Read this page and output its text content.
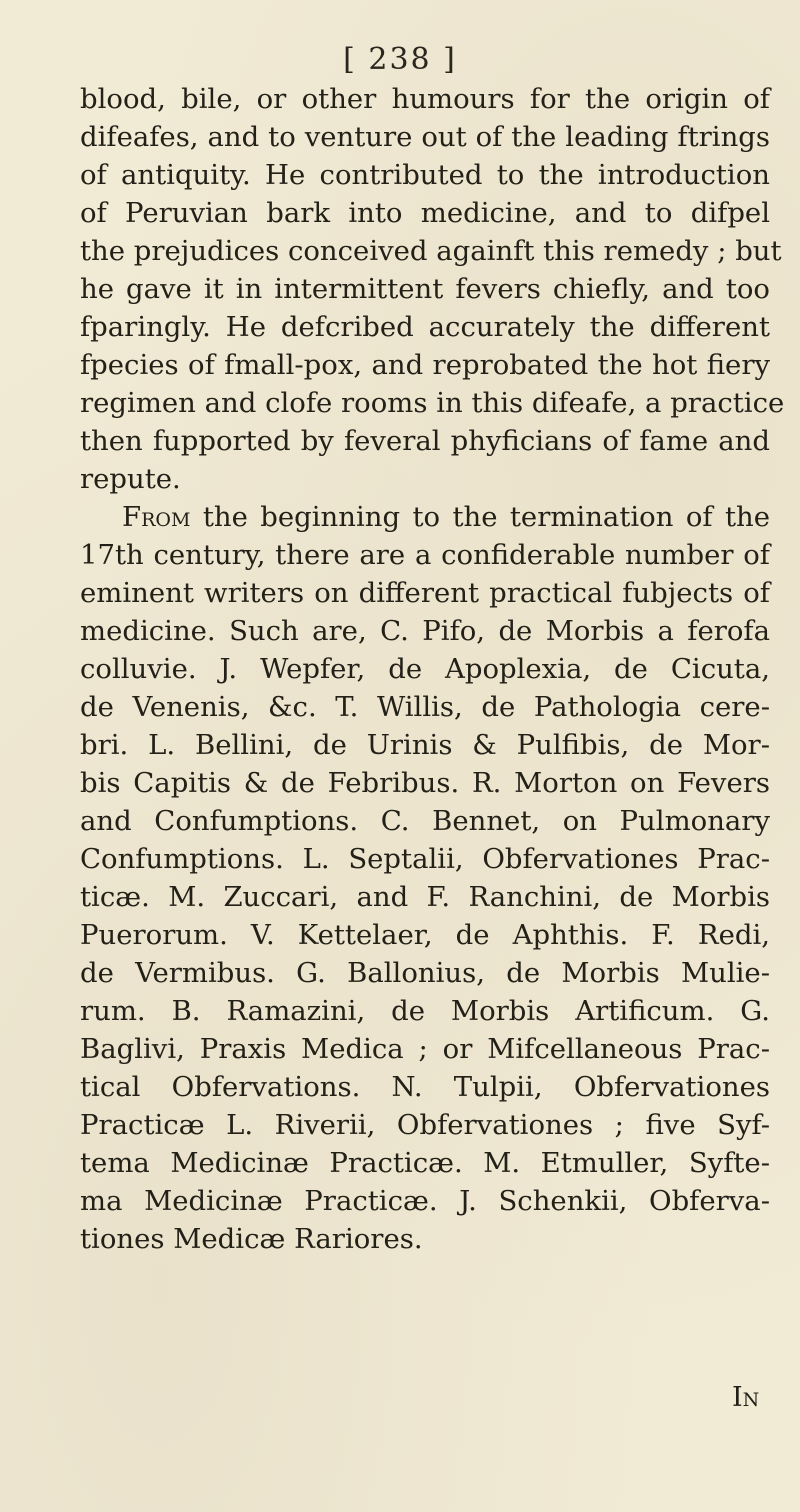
[ 238 ]
blood, bile, or other humours for the origin of
difeafes, and to venture out of the leading ftrings
of antiquity. He contributed to the introduction
of Peruvian bark into medicine, and to difpel
the prejudices conceived againft this remedy ; but
he gave it in intermittent fevers chiefly, and too
fparingly. He defcribed accurately the different
fpecies of fmall-pox, and reprobated the hot fiery
regimen and clofe rooms in this difeafe, a practice
then fupported by feveral phyficians of fame and
repute.
From the beginning to the termination of the
17th century, there are a confiderable number of
eminent writers on different practical fubjects of
medicine. Such are, C. Pifo, de Morbis a ferofa
colluvie. J. Wepfer, de Apoplexia, de Cicuta,
de Venenis, &c. T. Willis, de Pathologia cere-
bri. L. Bellini, de Urinis & Pulfibis, de Mor-
bis Capitis & de Febribus. R. Morton on Fevers
and Confumptions. C. Bennet, on Pulmonary
Confumptions. L. Septalii, Obfervationes Prac-
ticæ. M. Zuccari, and F. Ranchini, de Morbis
Puerorum. V. Kettelaer, de Aphthis. F. Redi,
de Vermibus. G. Ballonius, de Morbis Mulie-
rum. B. Ramazini, de Morbis Artificum. G.
Baglivi, Praxis Medica ; or Mifcellaneous Prac-
tical Obfervations. N. Tulpii, Obfervationes
Practicæ L. Riverii, Obfervationes ; five Syf-
tema Medicinæ Practicæ. M. Etmuller, Syfte-
ma Medicinæ Practicæ. J. Schenkii, Obferva-
tiones Medicæ Rariores.
In
